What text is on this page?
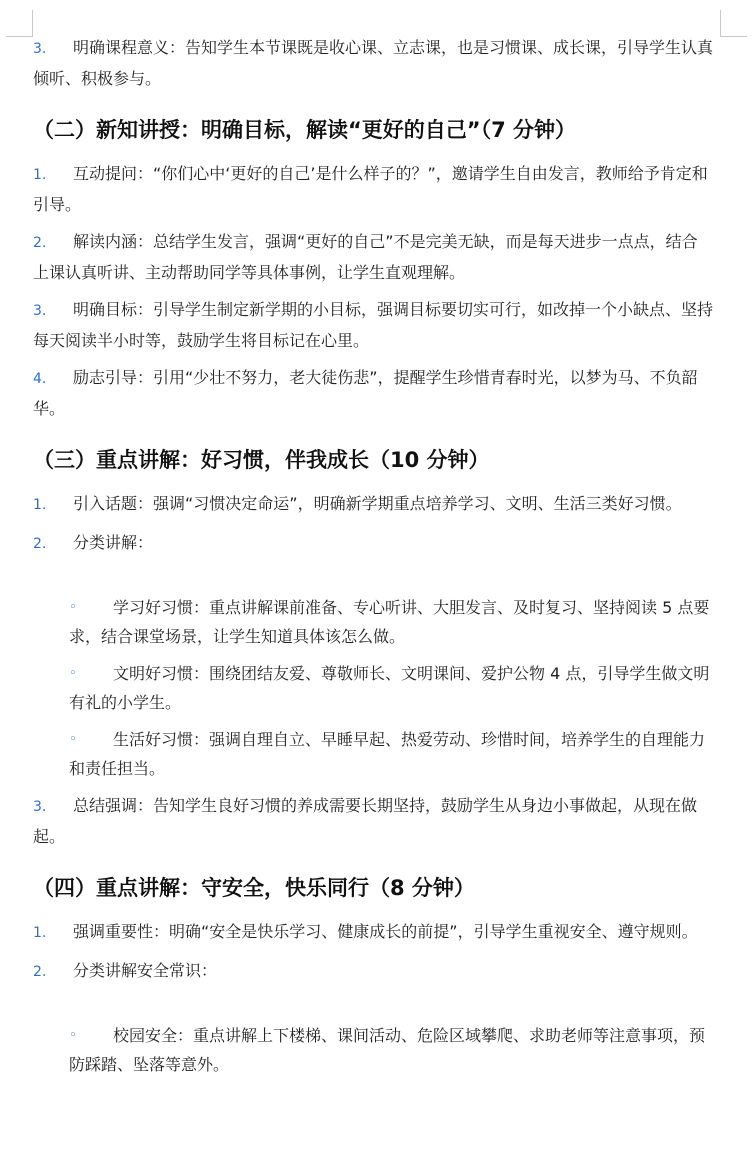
3. 明确课程意义：告知学生本节课既是收心课、立志课，也是习惯课、成长课，引导学生认真倾听、积极参与。

（二）新知讲授：明确目标，解读“更好的自己”（7 分钟）

1. 互动提问：“你们心中‘更好的自己’是什么样子的？”，邀请学生自由发言，教师给予肯定和引导。

2. 解读内涵：总结学生发言，强调“更好的自己”不是完美无缺，而是每天进步一点点，结合上课认真听讲、主动帮助同学等具体事例，让学生直观理解。

3. 明确目标：引导学生制定新学期的小目标，强调目标要切实可行，如改掉一个小缺点、坚持每天阅读半小时等，鼓励学生将目标记在心里。

4. 励志引导：引用“少壮不努力，老大徒伤悲”，提醒学生珍惜青春时光，以梦为马、不负韶华。

（三）重点讲解：好习惯，伴我成长（10 分钟）

1. 引入话题：强调“习惯决定命运”，明确新学期重点培养学习、文明、生活三类好习惯。

2. 分类讲解：

◦ 学习好习惯：重点讲解课前准备、专心听讲、大胆发言、及时复习、坚持阅读 5 点要求，结合课堂场景，让学生知道具体该怎么做。

◦ 文明好习惯：围绕团结友爱、尊敬师长、文明课间、爱护公物 4 点，引导学生做文明有礼的小学生。

◦ 生活好习惯：强调自理自立、早睡早起、热爱劳动、珍惜时间，培养学生的自理能力和责任担当。

3. 总结强调：告知学生良好习惯的养成需要长期坚持，鼓励学生从身边小事做起，从现在做起。

（四）重点讲解：守安全，快乐同行（8 分钟）

1. 强调重要性：明确“安全是快乐学习、健康成长的前提”，引导学生重视安全、遵守规则。

2. 分类讲解安全常识：

◦ 校园安全：重点讲解上下楼梯、课间活动、危险区域攀爬、求助老师等注意事项，预防踩踏、坠落等意外。
